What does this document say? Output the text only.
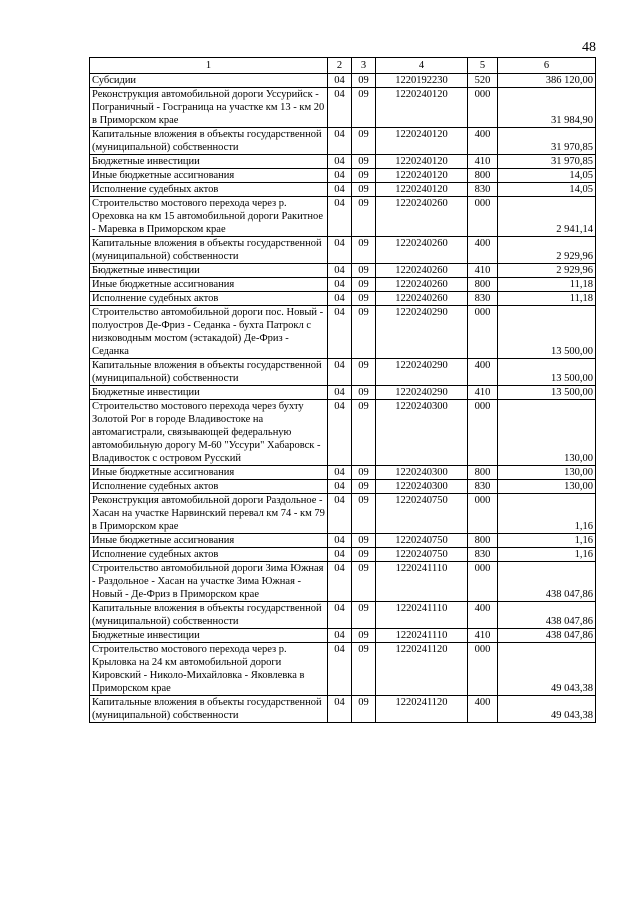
48
1	2	3	4	5	6
Субсидии	04	09	1220192230	520	386 120,00
Реконструкция автомобильной дороги Уссурийск - Пограничный - Госграница на участке км 13 - км 20 в Приморском крае	04	09	1220240120	000	31 984,90
Капитальные вложения в объекты государственной (муниципальной) собственности	04	09	1220240120	400	31 970,85
Бюджетные инвестиции	04	09	1220240120	410	31 970,85
Иные бюджетные ассигнования	04	09	1220240120	800	14,05
Исполнение судебных актов	04	09	1220240120	830	14,05
Строительство мостового перехода через р. Ореховка на км 15 автомобильной дороги Ракитное - Маревка в Приморском крае	04	09	1220240260	000	2 941,14
Капитальные вложения в объекты государственной (муниципальной) собственности	04	09	1220240260	400	2 929,96
Бюджетные инвестиции	04	09	1220240260	410	2 929,96
Иные бюджетные ассигнования	04	09	1220240260	800	11,18
Исполнение судебных актов	04	09	1220240260	830	11,18
Строительство автомобильной дороги пос. Новый - полуостров Де-Фриз - Седанка - бухта Патрокл с низководным мостом (эстакадой) Де-Фриз - Седанка	04	09	1220240290	000	13 500,00
Капитальные вложения в объекты государственной (муниципальной) собственности	04	09	1220240290	400	13 500,00
Бюджетные инвестиции	04	09	1220240290	410	13 500,00
Строительство мостового перехода через бухту Золотой Рог в городе Владивостоке на автомагистрали, связывающей федеральную автомобильную дорогу М-60 "Уссури" Хабаровск - Владивосток с островом Русский	04	09	1220240300	000	130,00
Иные бюджетные ассигнования	04	09	1220240300	800	130,00
Исполнение судебных актов	04	09	1220240300	830	130,00
Реконструкция автомобильной дороги Раздольное - Хасан на участке Нарвинский перевал км 74 - км 79 в Приморском крае	04	09	1220240750	000	1,16
Иные бюджетные ассигнования	04	09	1220240750	800	1,16
Исполнение судебных актов	04	09	1220240750	830	1,16
Строительство автомобильной дороги Зима Южная - Раздольное - Хасан на участке Зима Южная - Новый - Де-Фриз в Приморском крае	04	09	1220241110	000	438 047,86
Капитальные вложения в объекты государственной (муниципальной) собственности	04	09	1220241110	400	438 047,86
Бюджетные инвестиции	04	09	1220241110	410	438 047,86
Строительство мостового перехода через р. Крыловка на 24 км автомобильной дороги Кировский - Николо-Михайловка - Яковлевка в Приморском крае	04	09	1220241120	000	49 043,38
Капитальные вложения в объекты государственной (муниципальной) собственности	04	09	1220241120	400	49 043,38
